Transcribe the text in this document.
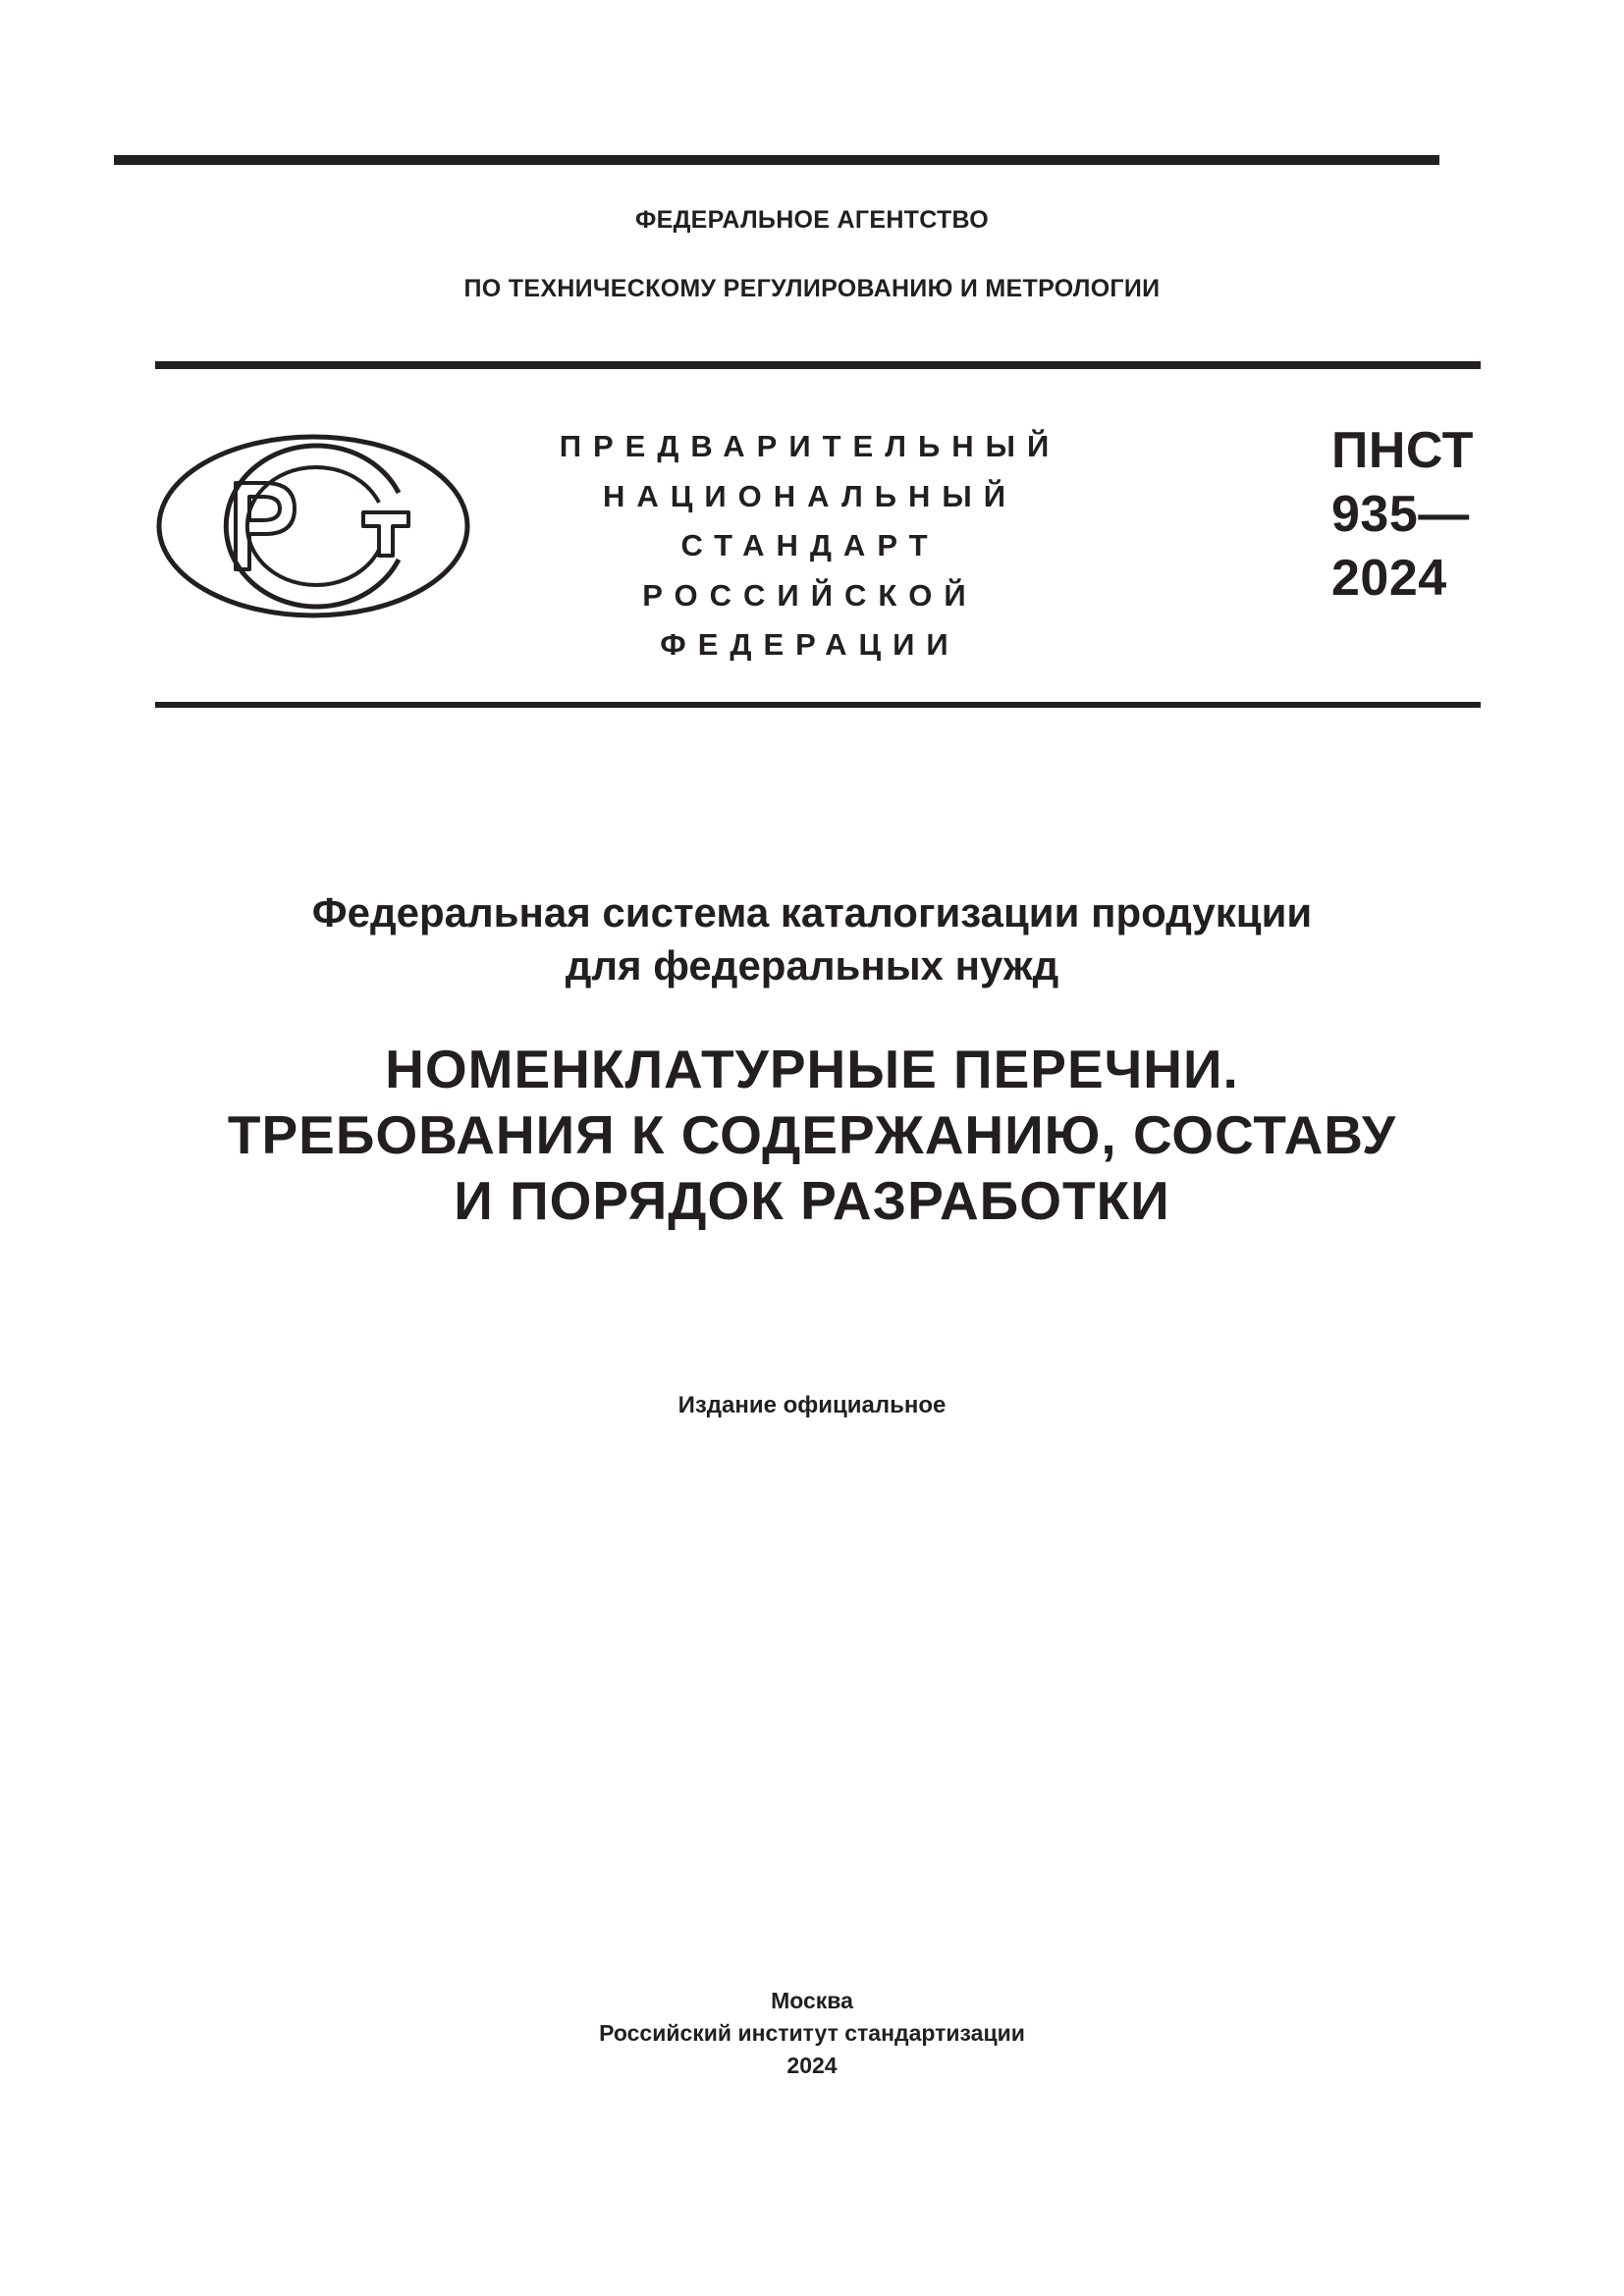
ФЕДЕРАЛЬНОЕ АГЕНТСТВО
ПО ТЕХНИЧЕСКОМУ РЕГУЛИРОВАНИЮ И МЕТРОЛОГИИ
ПРЕДВАРИТЕЛЬНЫЙ
НАЦИОНАЛЬНЫЙ
СТАНДАРТ
РОССИЙСКОЙ
ФЕДЕРАЦИИ
ПНСТ
935—
2024
Федеральная система каталогизации продукции
для федеральных нужд
НОМЕНКЛАТУРНЫЕ ПЕРЕЧНИ.
ТРЕБОВАНИЯ К СОДЕРЖАНИЮ, СОСТАВУ
И ПОРЯДОК РАЗРАБОТКИ
Издание официальное
Москва
Российский институт стандартизации
2024
